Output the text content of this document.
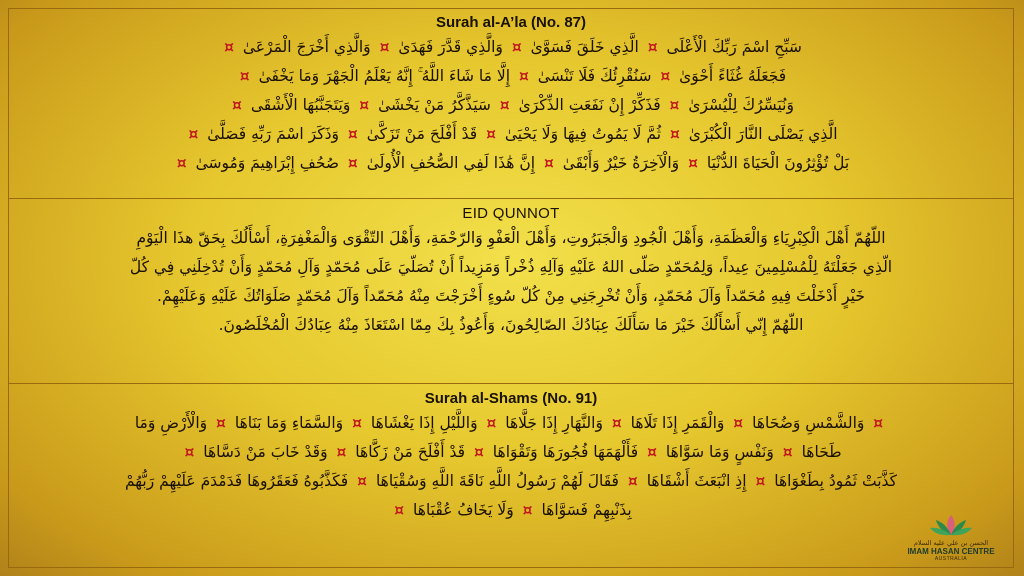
Surah al-A’la (No. 87)
سَبِّحِ اسْمَ رَبِّكَ الْأَعْلَى ¤ الَّذِي خَلَقَ فَسَوَّىٰ ¤ وَالَّذِي قَدَّرَ فَهَدَىٰ ¤ وَالَّذِي أَخْرَجَ الْمَرْعَىٰ ¤
فَجَعَلَهُ غُثَاءً أَحْوَىٰ ¤ سَنُقْرِئُكَ فَلَا تَنْسَىٰ ¤ إِلَّا مَا شَاءَ اللَّهُ ۚ إِنَّهُ يَعْلَمُ الْجَهْرَ وَمَا يَخْفَىٰ ¤
وَنُيَسِّرُكَ لِلْيُسْرَىٰ ¤ فَذَكِّرْ إِنْ نَفَعَتِ الذِّكْرَىٰ ¤ سَيَذَّكَّرُ مَنْ يَخْشَىٰ ¤ وَيَتَجَنَّبُهَا الْأَشْقَى ¤
الَّذِي يَصْلَى النَّارَ الْكُبْرَىٰ ¤ ثُمَّ لَا يَمُوتُ فِيهَا وَلَا يَحْيَىٰ ¤ قَدْ أَفْلَحَ مَنْ تَزَكَّىٰ ¤ وَذَكَرَ اسْمَ رَبِّهِ فَصَلَّىٰ ¤
بَلْ تُؤْثِرُونَ الْحَيَاةَ الدُّنْيَا ¤ وَالْآخِرَةُ خَيْرٌ وَأَبْقَىٰ ¤ إِنَّ هَٰذَا لَفِي الصُّحُفِ الْأُولَىٰ ¤ صُحُفِ إِبْرَاهِيمَ وَمُوسَىٰ ¤
EID QUNNOT
اللّهُمّ أَهْلَ الْكِبْرِيَاءِ وَالْعَظَمَةِ، وَأَهْلَ الْجُودِ وَالْجَبَرُوتِ، وَأَهْلَ الْعَفْوِ وَالرّحْمَةِ، وَأَهْلَ التّقْوَى وَالْمَغْفِرَةِ، أَسْأَلُكَ بِحَقّ هذَا الْيَوْمِ
الّذِي جَعَلْتَهُ لِلْمُسْلِمِينَ عِيداً، وَلِمُحَمّدٍ صَلّى اللهُ عَلَيْهِ وَآلِهِ ذُخْراً وَمَزِيداً أَنْ تُصَلّيَ عَلَى مُحَمّدٍ وَآلِ مُحَمّدٍ وَأَنْ تُدْخِلَنِي فِي كُلّ
خَيْرٍ أَدْخَلْتَ فِيهِ مُحَمّداً وَآلَ مُحَمّدٍ، وَأَنْ تُخْرِجَنِي مِنْ كُلّ سُوءٍ أَخْرَجْتَ مِنْهُ مُحَمّداً وَآلَ مُحَمّدٍ صَلَوَاتُكَ عَلَيْهِ وَعَلَيْهِمْ.
اللّهُمّ إِنّي أَسْأَلُكَ خَيْرَ مَا سَأَلَكَ عِبَادُكَ الصّالِحُونَ، وَأَعُوذُ بِكَ مِمّا اسْتَعَاذَ مِنْهُ عِبَادُكَ الْمُخْلَصُونَ.
Surah al-Shams (No. 91)
¤ وَالشَّمْسِ وَضُحَاهَا ¤ وَالْقَمَرِ إِذَا تَلَاهَا ¤ وَالنَّهَارِ إِذَا جَلَّاهَا ¤ وَاللَّيْلِ إِذَا يَغْشَاهَا ¤ وَالسَّمَاءِ وَمَا بَنَاهَا ¤ وَالْأَرْضِ وَمَا
طَحَاهَا ¤ وَنَفْسٍ وَمَا سَوَّاهَا ¤ فَأَلْهَمَهَا فُجُورَهَا وَتَقْوَاهَا ¤ قَدْ أَفْلَحَ مَنْ زَكَّاهَا ¤ وَقَدْ خَابَ مَنْ دَسَّاهَا ¤
كَذَّبَتْ ثَمُودُ بِطَغْوَاهَا ¤ إِذِ انْبَعَثَ أَشْقَاهَا ¤ فَقَالَ لَهُمْ رَسُولُ اللَّهِ نَاقَةَ اللَّهِ وَسُقْيَاهَا ¤ فَكَذَّبُوهُ فَعَقَرُوهَا فَدَمْدَمَ عَلَيْهِمْ رَبُّهُمْ
بِذَنْبِهِمْ فَسَوَّاهَا ¤ وَلَا يَخَافُ عُقْبَاهَا ¤
الحسن بن علي عليه السلام
IMAM HASAN CENTRE
AUSTRALIA
